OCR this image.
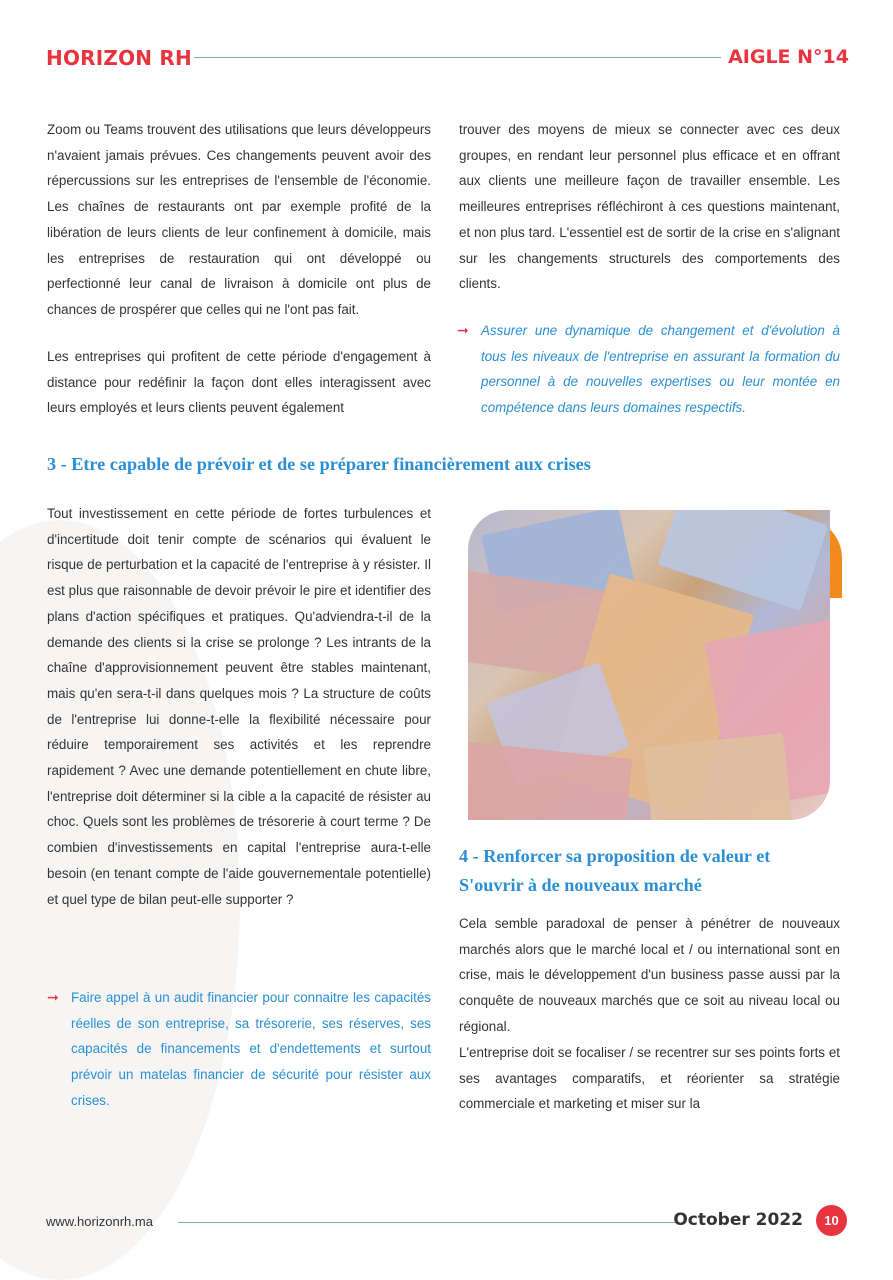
HORIZON RH	AIGLE N°14

Zoom ou Teams trouvent des utilisations que leurs développeurs n'avaient jamais prévues. Ces changements peuvent avoir des répercussions sur les entreprises de l'ensemble de l'économie. Les chaînes de restaurants ont par exemple profité de la libération de leurs clients de leur confinement à domicile, mais les entreprises de restauration qui ont développé ou perfectionné leur canal de livraison à domicile ont plus de chances de prospérer que celles qui ne l'ont pas fait.

Les entreprises qui profitent de cette période d'engagement à distance pour redéfinir la façon dont elles interagissent avec leurs employés et leurs clients peuvent également

trouver des moyens de mieux se connecter avec ces deux groupes, en rendant leur personnel plus efficace et en offrant aux clients une meilleure façon de travailler ensemble. Les meilleures entreprises réfléchiront à ces questions maintenant, et non plus tard. L'essentiel est de sortir de la crise en s'alignant sur les changements structurels des comportements des clients.

➞ Assurer une dynamique de changement et d'évolution à tous les niveaux de l'entreprise en assurant la formation du personnel à de nouvelles expertises ou leur montée en compétence dans leurs domaines respectifs.
3 - Etre capable de prévoir et de se préparer financièrement aux crises

Tout investissement en cette période de fortes turbulences et d'incertitude doit tenir compte de scénarios qui évaluent le risque de perturbation et la capacité de l'entreprise à y résister. Il est plus que raisonnable de devoir prévoir le pire et identifier des plans d'action spécifiques et pratiques. Qu'adviendra-t-il de la demande des clients si la crise se prolonge ? Les intrants de la chaîne d'approvisionnement peuvent être stables maintenant, mais qu'en sera-t-il dans quelques mois ? La structure de coûts de l'entreprise lui donne-t-elle la flexibilité nécessaire pour réduire temporairement ses activités et les reprendre rapidement ? Avec une demande potentiellement en chute libre, l'entreprise doit déterminer si la cible a la capacité de résister au choc. Quels sont les problèmes de trésorerie à court terme ? De combien d'investissements en capital l'entreprise aura-t-elle besoin (en tenant compte de l'aide gouvernementale potentielle) et quel type de bilan peut-elle supporter ?

➞ Faire appel à un audit financier pour connaitre les capacités réelles de son entreprise, sa trésorerie, ses réserves, ses capacités de financements et d'endettements et surtout prévoir un matelas financier de sécurité pour résister aux crises.
4 - Renforcer sa proposition de valeur et S'ouvrir à de nouveaux marché

Cela semble paradoxal de penser à pénétrer de nouveaux marchés alors que le marché local et / ou international sont en crise, mais le développement d'un business passe aussi par la conquête de nouveaux marchés que ce soit au niveau local ou régional.

L'entreprise doit se focaliser / se recentrer sur ses points forts et ses avantages comparatifs, et réorienter sa stratégie commerciale et marketing et miser sur la

www.horizonrh.ma	October 2022	10
